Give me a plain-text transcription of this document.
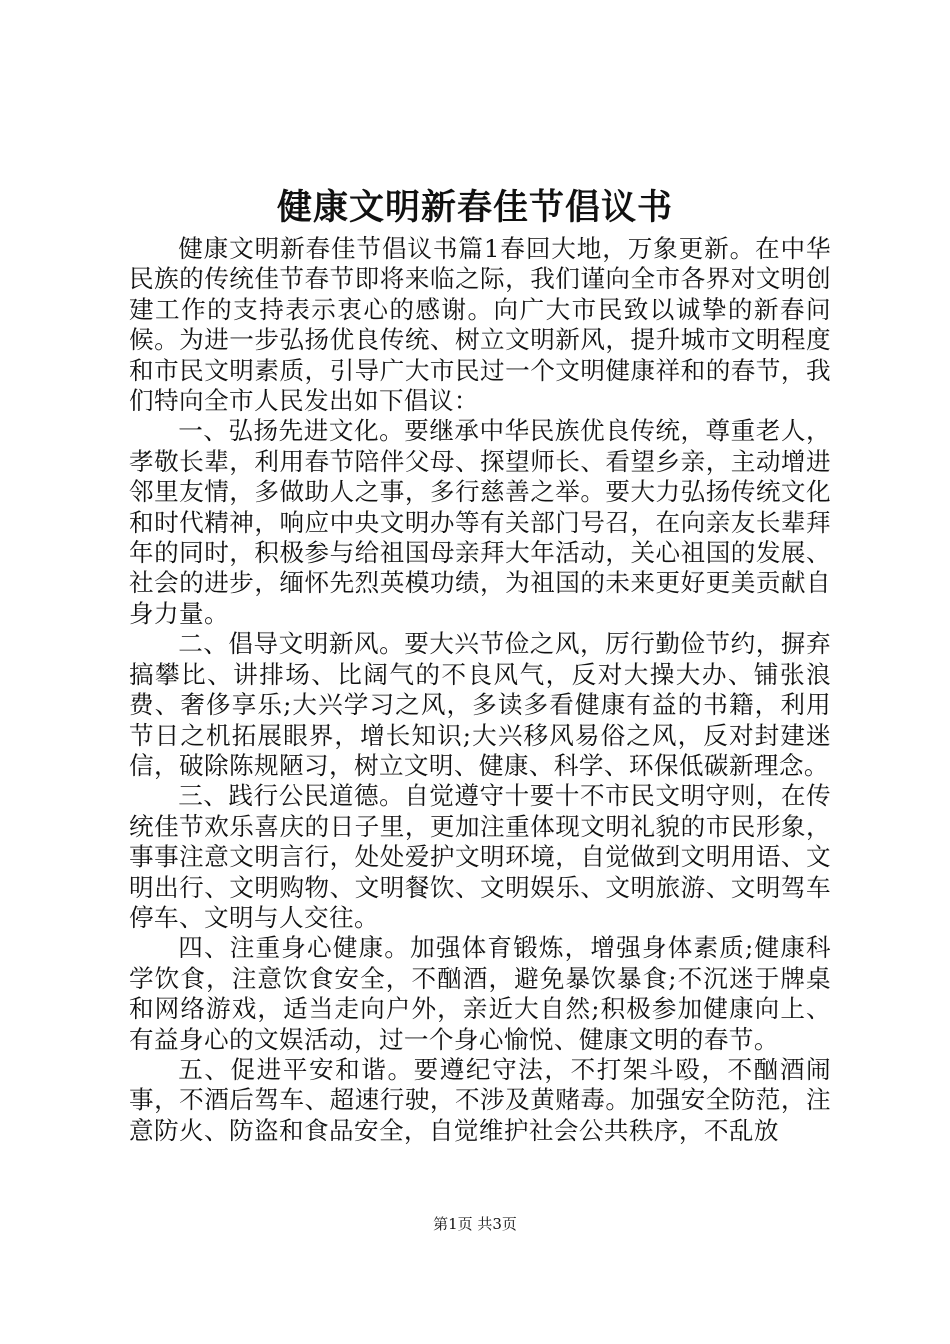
健康文明新春佳节倡议书

健康文明新春佳节倡议书篇1春回大地，万象更新。在中华民族的传统佳节春节即将来临之际，我们谨向全市各界对文明创建工作的支持表示衷心的感谢。向广大市民致以诚挚的新春问候。为进一步弘扬优良传统、树立文明新风，提升城市文明程度和市民文明素质，引导广大市民过一个文明健康祥和的春节，我们特向全市人民发出如下倡议：

一、弘扬先进文化。要继承中华民族优良传统，尊重老人，孝敬长辈，利用春节陪伴父母、探望师长、看望乡亲，主动增进邻里友情，多做助人之事，多行慈善之举。要大力弘扬传统文化和时代精神，响应中央文明办等有关部门号召，在向亲友长辈拜年的同时，积极参与给祖国母亲拜大年活动，关心祖国的发展、社会的进步，缅怀先烈英模功绩，为祖国的未来更好更美贡献自身力量。

二、倡导文明新风。要大兴节俭之风，厉行勤俭节约，摒弃搞攀比、讲排场、比阔气的不良风气，反对大操大办、铺张浪费、奢侈享乐;大兴学习之风，多读多看健康有益的书籍，利用节日之机拓展眼界，增长知识;大兴移风易俗之风，反对封建迷信，破除陈规陋习，树立文明、健康、科学、环保低碳新理念。

三、践行公民道德。自觉遵守十要十不市民文明守则，在传统佳节欢乐喜庆的日子里，更加注重体现文明礼貌的市民形象，事事注意文明言行，处处爱护文明环境，自觉做到文明用语、文明出行、文明购物、文明餐饮、文明娱乐、文明旅游、文明驾车停车、文明与人交往。

四、注重身心健康。加强体育锻炼，增强身体素质;健康科学饮食，注意饮食安全，不酗酒，避免暴饮暴食;不沉迷于牌桌和网络游戏，适当走向户外，亲近大自然;积极参加健康向上、有益身心的文娱活动，过一个身心愉悦、健康文明的春节。

五、促进平安和谐。要遵纪守法，不打架斗殴，不酗酒闹事，不酒后驾车、超速行驶，不涉及黄赌毒。加强安全防范，注意防火、防盗和食品安全，自觉维护社会公共秩序，不乱放

第1页 共3页
